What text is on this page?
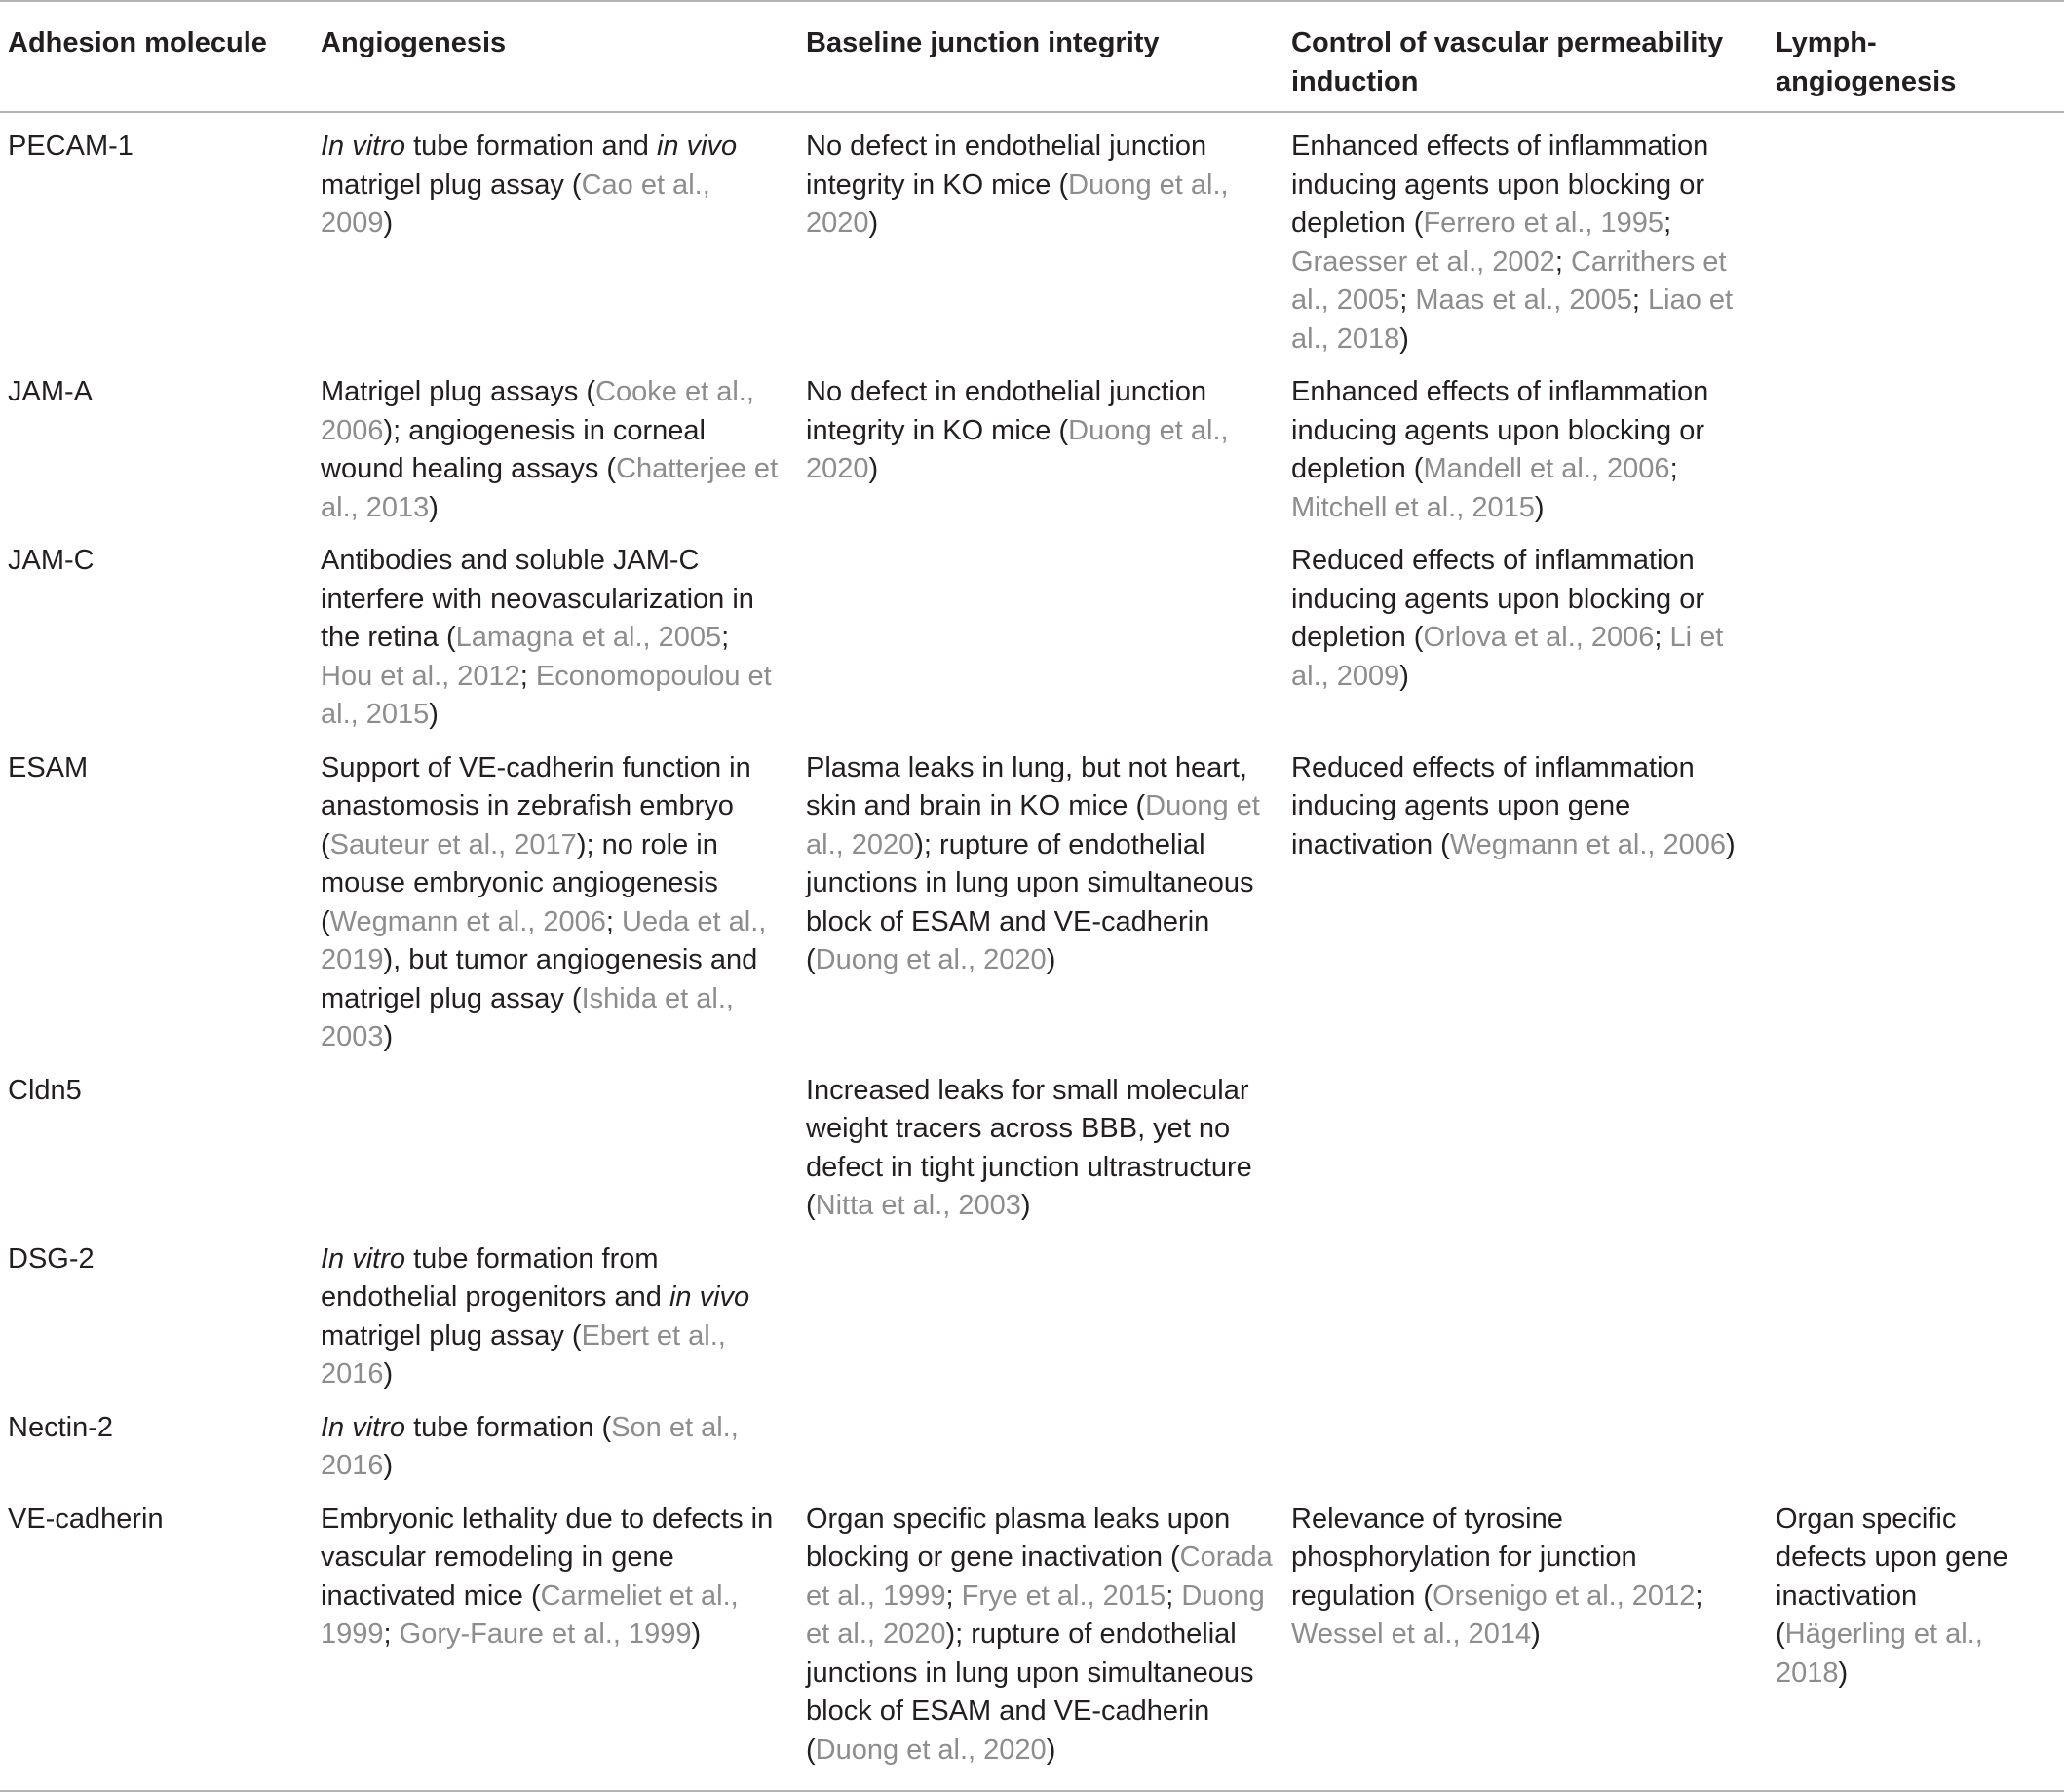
Adhesion molecule	Angiogenesis	Baseline junction integrity	Control of vascular permeability induction	Lymph-angiogenesis
PECAM-1	In vitro tube formation and in vivo matrigel plug assay (Cao et al., 2009)	No defect in endothelial junction integrity in KO mice (Duong et al., 2020)	Enhanced effects of inflammation inducing agents upon blocking or depletion (Ferrero et al., 1995; Graesser et al., 2002; Carrithers et al., 2005; Maas et al., 2005; Liao et al., 2018)	
JAM-A	Matrigel plug assays (Cooke et al., 2006); angiogenesis in corneal wound healing assays (Chatterjee et al., 2013)	No defect in endothelial junction integrity in KO mice (Duong et al., 2020)	Enhanced effects of inflammation inducing agents upon blocking or depletion (Mandell et al., 2006; Mitchell et al., 2015)	
JAM-C	Antibodies and soluble JAM-C interfere with neovascularization in the retina (Lamagna et al., 2005; Hou et al., 2012; Economopoulou et al., 2015)		Reduced effects of inflammation inducing agents upon blocking or depletion (Orlova et al., 2006; Li et al., 2009)	
ESAM	Support of VE-cadherin function in anastomosis in zebrafish embryo (Sauteur et al., 2017); no role in mouse embryonic angiogenesis (Wegmann et al., 2006; Ueda et al., 2019), but tumor angiogenesis and matrigel plug assay (Ishida et al., 2003)	Plasma leaks in lung, but not heart, skin and brain in KO mice (Duong et al., 2020); rupture of endothelial junctions in lung upon simultaneous block of ESAM and VE-cadherin (Duong et al., 2020)	Reduced effects of inflammation inducing agents upon gene inactivation (Wegmann et al., 2006)	
Cldn5		Increased leaks for small molecular weight tracers across BBB, yet no defect in tight junction ultrastructure (Nitta et al., 2003)		
DSG-2	In vitro tube formation from endothelial progenitors and in vivo matrigel plug assay (Ebert et al., 2016)			
Nectin-2	In vitro tube formation (Son et al., 2016)			
VE-cadherin	Embryonic lethality due to defects in vascular remodeling in gene inactivated mice (Carmeliet et al., 1999; Gory-Faure et al., 1999)	Organ specific plasma leaks upon blocking or gene inactivation (Corada et al., 1999; Frye et al., 2015; Duong et al., 2020); rupture of endothelial junctions in lung upon simultaneous block of ESAM and VE-cadherin (Duong et al., 2020)	Relevance of tyrosine phosphorylation for junction regulation (Orsenigo et al., 2012; Wessel et al., 2014)	Organ specific defects upon gene inactivation (Hägerling et al., 2018)
